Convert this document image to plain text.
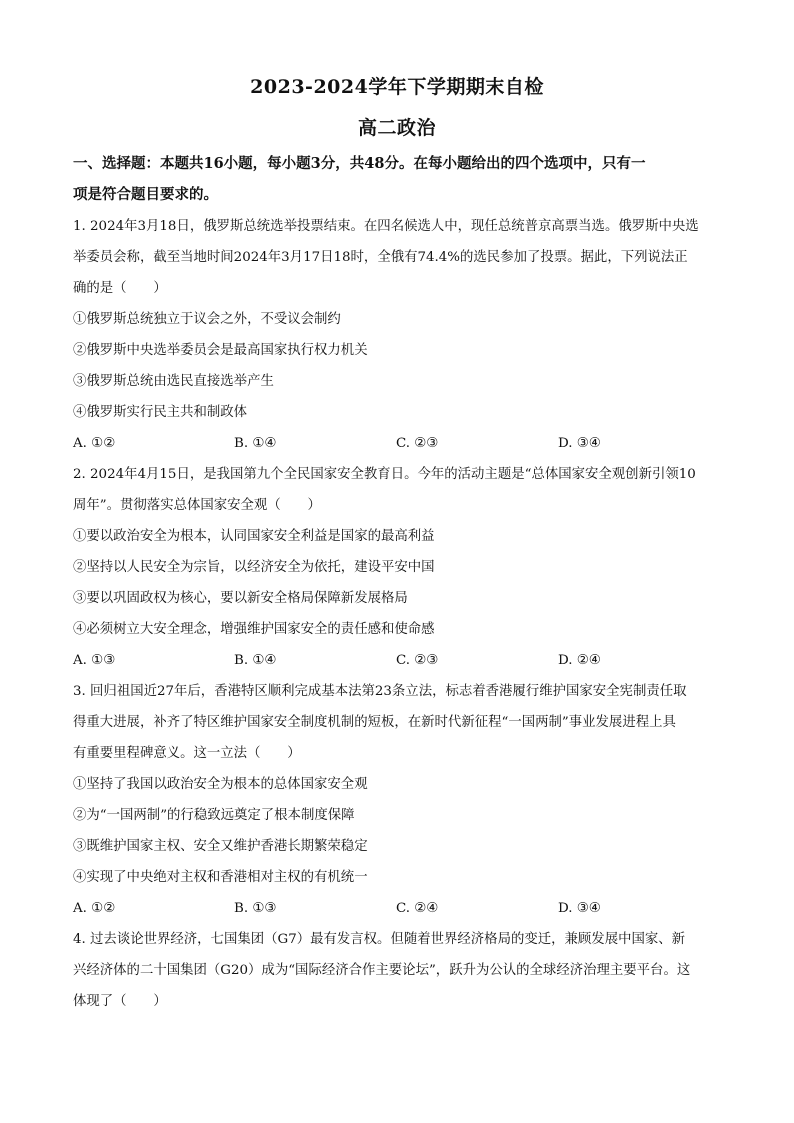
2023-2024学年下学期期末自检
高二政治
一、选择题：本题共16小题，每小题3分，共48分。在每小题给出的四个选项中，只有一
项是符合题目要求的。
1. 2024年3月18日，俄罗斯总统选举投票结束。在四名候选人中，现任总统普京高票当选。俄罗斯中央选
举委员会称，截至当地时间2024年3月17日18时，全俄有74.4%的选民参加了投票。据此，下列说法正
确的是（　　）
①俄罗斯总统独立于议会之外，不受议会制约
②俄罗斯中央选举委员会是最高国家执行权力机关
③俄罗斯总统由选民直接选举产生
④俄罗斯实行民主共和制政体
A. ①②	B. ①④	C. ②③	D. ③④
2. 2024年4月15日，是我国第九个全民国家安全教育日。今年的活动主题是“总体国家安全观创新引领10
周年”。贯彻落实总体国家安全观（　　）
①要以政治安全为根本，认同国家安全利益是国家的最高利益
②坚持以人民安全为宗旨，以经济安全为依托，建设平安中国
③要以巩固政权为核心，要以新安全格局保障新发展格局
④必须树立大安全理念，增强维护国家安全的责任感和使命感
A. ①③	B. ①④	C. ②③	D. ②④
3. 回归祖国近27年后，香港特区顺利完成基本法第23条立法，标志着香港履行维护国家安全宪制责任取
得重大进展，补齐了特区维护国家安全制度机制的短板，在新时代新征程“一国两制”事业发展进程上具
有重要里程碑意义。这一立法（　　）
①坚持了我国以政治安全为根本的总体国家安全观
②为“一国两制”的行稳致远奠定了根本制度保障
③既维护国家主权、安全又维护香港长期繁荣稳定
④实现了中央绝对主权和香港相对主权的有机统一
A. ①②	B. ①③	C. ②④	D. ③④
4. 过去谈论世界经济，七国集团（G7）最有发言权。但随着世界经济格局的变迁，兼顾发展中国家、新
兴经济体的二十国集团（G20）成为“国际经济合作主要论坛”，跃升为公认的全球经济治理主要平台。这
体现了（　　）
